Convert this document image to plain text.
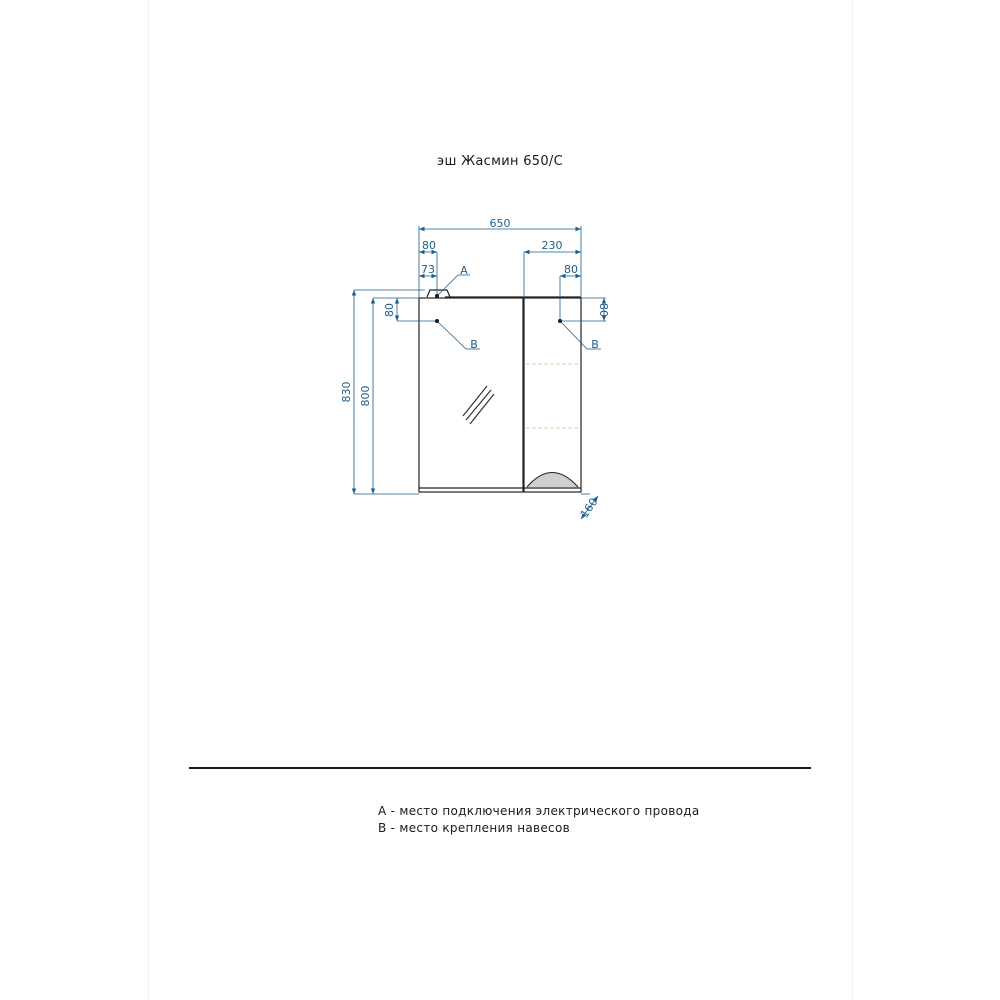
эш Жасмин 650/С
650
80
73
230
80
A
B	B
830 800
80	80
160
А - место подключения электрического провода
В - место крепления навесов
